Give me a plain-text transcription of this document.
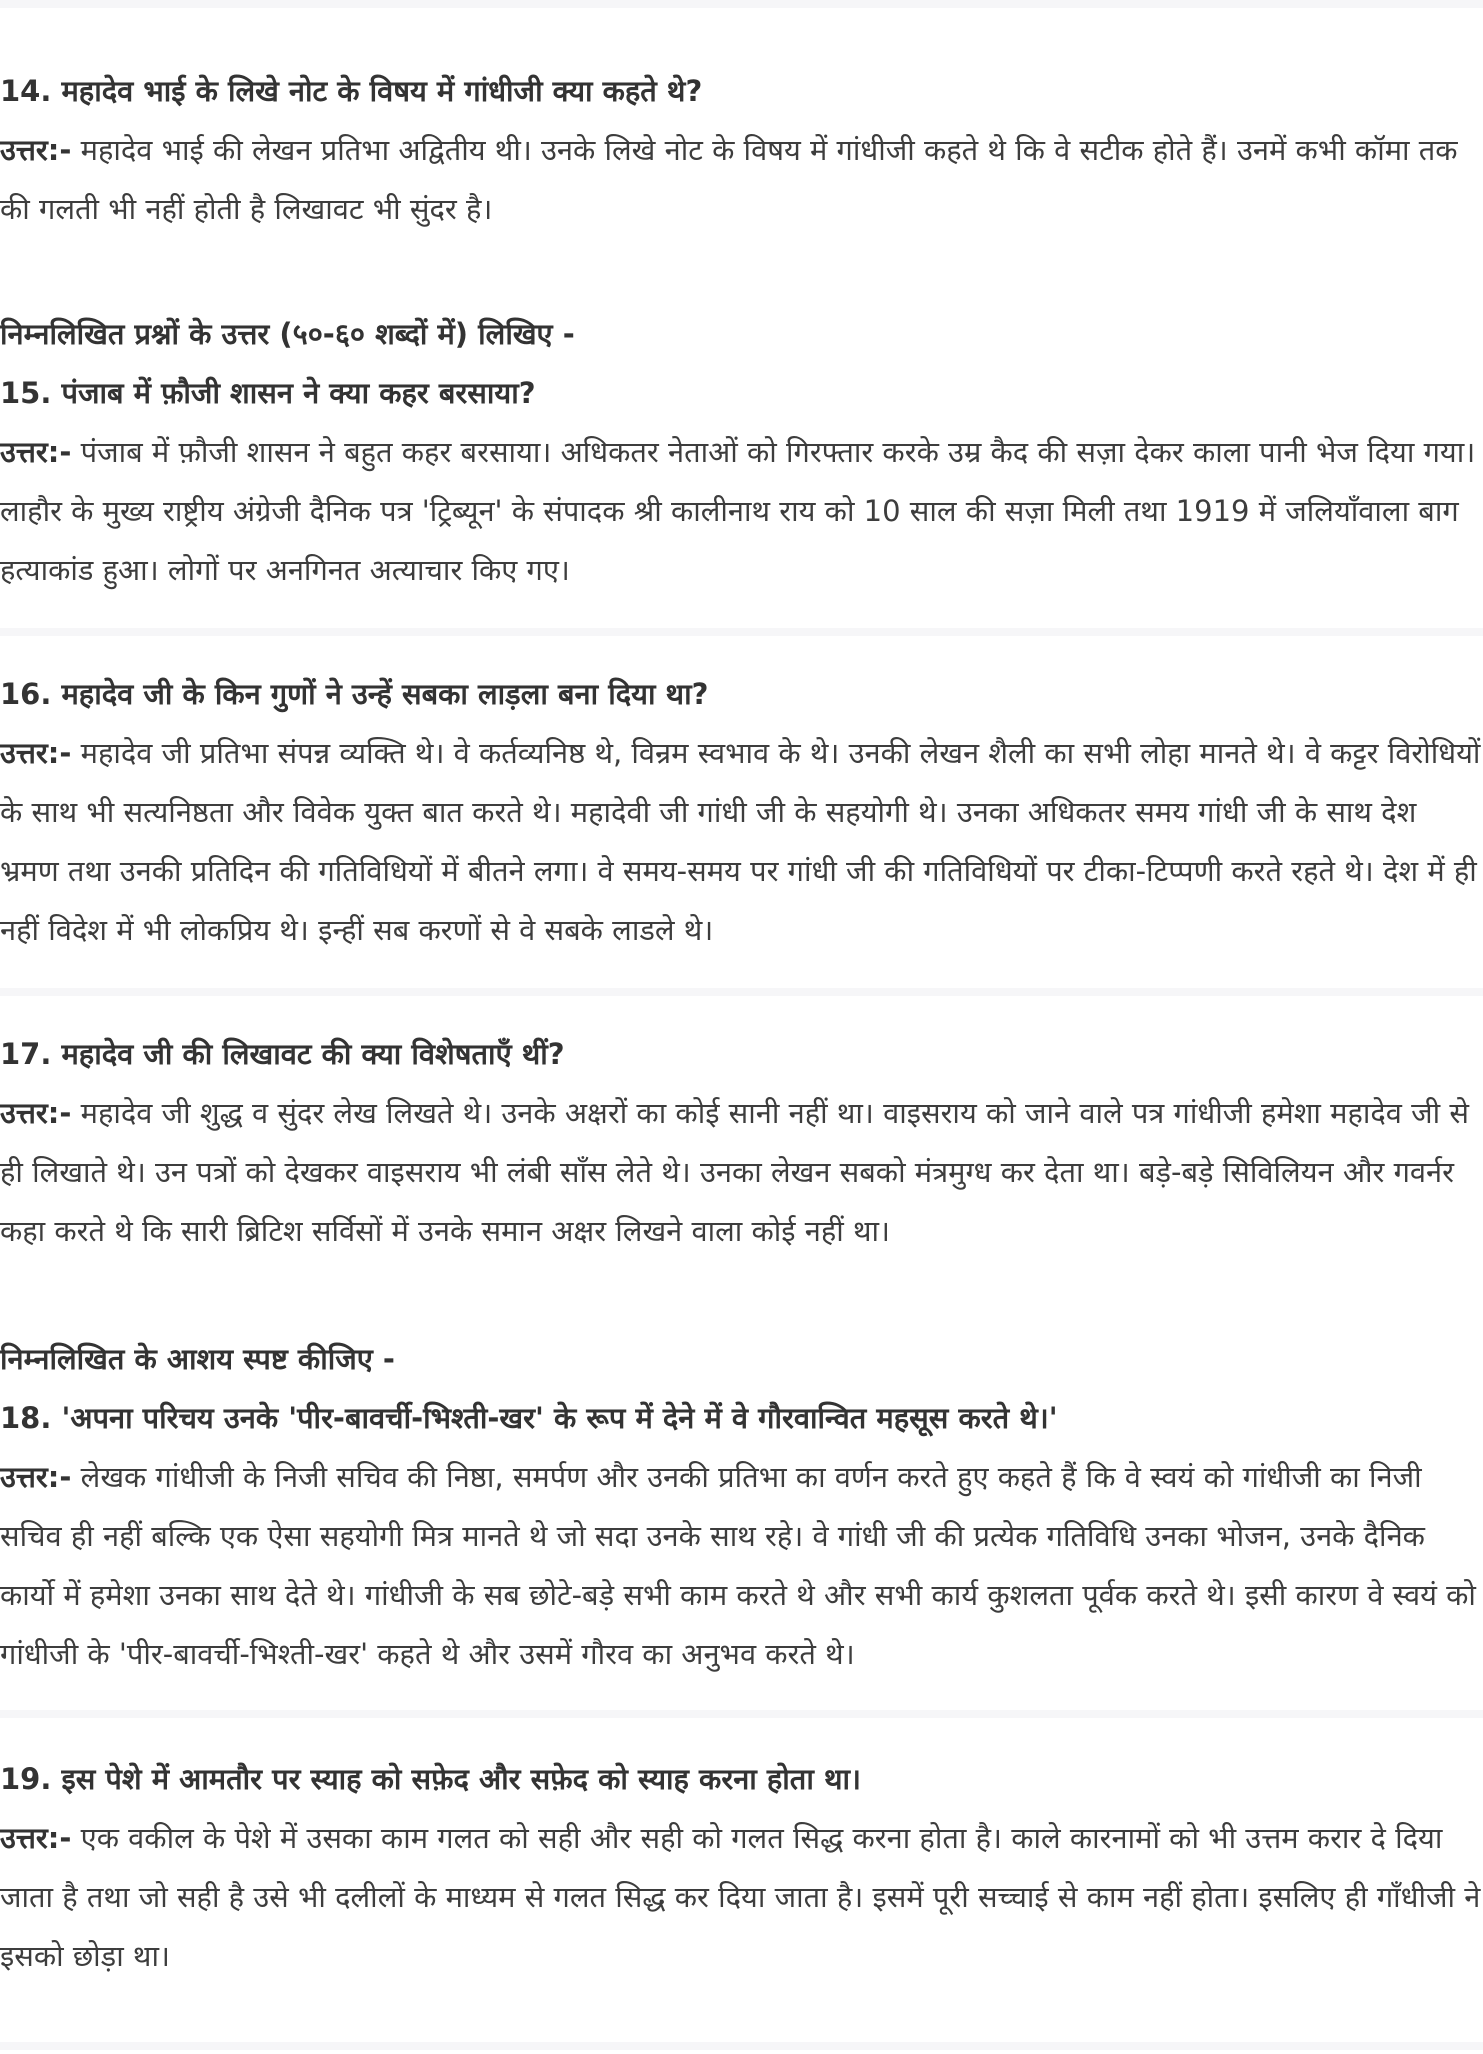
14. महादेव भाई के लिखे नोट के विषय में गांधीजी क्या कहते थे?

उत्तर:- महादेव भाई की लेखन प्रतिभा अद्वितीय थी। उनके लिखे नोट के विषय में गांधीजी कहते थे कि वे सटीक होते हैं। उनमें कभी कॉमा तक की गलती भी नहीं होती है लिखावट भी सुंदर है।

निम्नलिखित प्रश्नों के उत्तर (५०-६० शब्दों में) लिखिए -

15. पंजाब में फ़ौजी शासन ने क्या कहर बरसाया?

उत्तर:- पंजाब में फ़ौजी शासन ने बहुत कहर बरसाया। अधिकतर नेताओं को गिरफ्तार करके उम्र कैद की सज़ा देकर काला पानी भेज दिया गया। लाहौर के मुख्य राष्ट्रीय अंग्रेजी दैनिक पत्र 'ट्रिब्यून' के संपादक श्री कालीनाथ राय को 10 साल की सज़ा मिली तथा 1919 में जलियाँवाला बाग हत्याकांड हुआ। लोगों पर अनगिनत अत्याचार किए गए।

16. महादेव जी के किन गुणों ने उन्हें सबका लाड़ला बना दिया था?

उत्तर:- महादेव जी प्रतिभा संपन्न व्यक्ति थे। वे कर्तव्यनिष्ठ थे, विन्रम स्वभाव के थे। उनकी लेखन शैली का सभी लोहा मानते थे। वे कट्टर विरोधियों के साथ भी सत्यनिष्ठता और विवेक युक्त बात करते थे। महादेवी जी गांधी जी के सहयोगी थे। उनका अधिकतर समय गांधी जी के साथ देश भ्रमण तथा उनकी प्रतिदिन की गतिविधियों में बीतने लगा। वे समय-समय पर गांधी जी की गतिविधियों पर टीका-टिप्पणी करते रहते थे। देश में ही नहीं विदेश में भी लोकप्रिय थे। इन्हीं सब करणों से वे सबके लाडले थे।

17. महादेव जी की लिखावट की क्या विशेषताएँ थीं?

उत्तर:- महादेव जी शुद्ध व सुंदर लेख लिखते थे। उनके अक्षरों का कोई सानी नहीं था। वाइसराय को जाने वाले पत्र गांधीजी हमेशा महादेव जी से ही लिखाते थे। उन पत्रों को देखकर वाइसराय भी लंबी साँस लेते थे। उनका लेखन सबको मंत्रमुग्ध कर देता था। बड़े-बड़े सिविलियन और गवर्नर कहा करते थे कि सारी ब्रिटिश सर्विसों में उनके समान अक्षर लिखने वाला कोई नहीं था।

निम्नलिखित के आशय स्पष्ट कीजिए -

18. 'अपना परिचय उनके 'पीर-बावर्ची-भिश्ती-खर' के रूप में देने में वे गौरवान्वित महसूस करते थे।'

उत्तर:- लेखक गांधीजी के निजी सचिव की निष्ठा, समर्पण और उनकी प्रतिभा का वर्णन करते हुए कहते हैं कि वे स्वयं को गांधीजी का निजी सचिव ही नहीं बल्कि एक ऐसा सहयोगी मित्र मानते थे जो सदा उनके साथ रहे। वे गांधी जी की प्रत्येक गतिविधि उनका भोजन, उनके दैनिक कार्यो में हमेशा उनका साथ देते थे। गांधीजी के सब छोटे-बड़े सभी काम करते थे और सभी कार्य कुशलता पूर्वक करते थे। इसी कारण वे स्वयं को गांधीजी के 'पीर-बावर्ची-भिश्ती-खर' कहते थे और उसमें गौरव का अनुभव करते थे।

19. इस पेशे में आमतौर पर स्याह को सफ़ेद और सफ़ेद को स्याह करना होता था।

उत्तर:- एक वकील के पेशे में उसका काम गलत को सही और सही को गलत सिद्ध करना होता है। काले कारनामों को भी उत्तम करार दे दिया जाता है तथा जो सही है उसे भी दलीलों के माध्यम से गलत सिद्ध कर दिया जाता है। इसमें पूरी सच्चाई से काम नहीं होता। इसलिए ही गाँधीजी ने इसको छोड़ा था।
